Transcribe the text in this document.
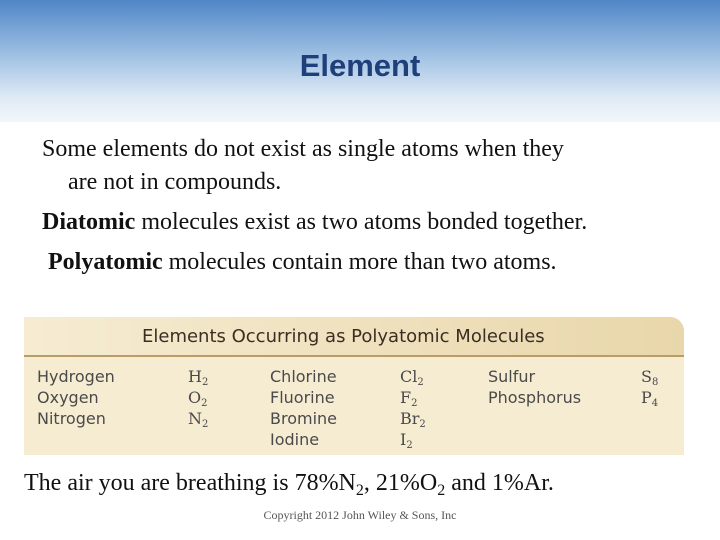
Element
Some elements do not exist as single atoms when they
are not in compounds.
Diatomic molecules exist as two atoms bonded together.
Polyatomic molecules contain more than two atoms.
Elements Occurring as Polyatomic Molecules
Hydrogen
Oxygen
Nitrogen
$H_2$
$O_2$
$N_2$
Chlorine
Fluorine
Bromine
Iodine
$Cl_2$
$F_2$
$Br_2$
$I_2$
Sulfur
Phosphorus
$S_8$
$P_4$
The air you are breathing is $78\%N_2$, $21\%O_2$ and 1%Ar.
Copyright 2012 John Wiley & Sons, Inc
